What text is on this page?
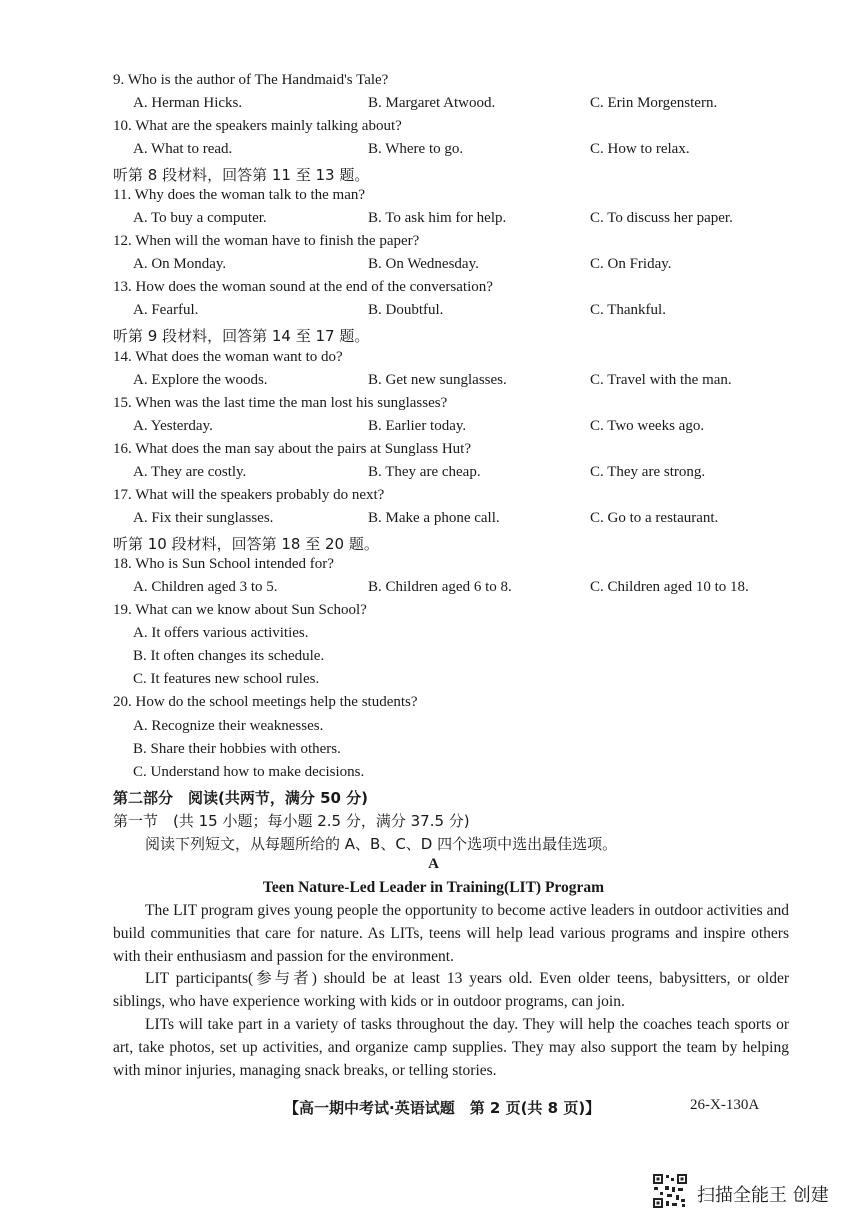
9. Who is the author of The Handmaid's Tale?
A. Herman Hicks.	B. Margaret Atwood.	C. Erin Morgenstern.
10. What are the speakers mainly talking about?
A. What to read.	B. Where to go.	C. How to relax.
听第 8 段材料，回答第 11 至 13 题。
11. Why does the woman talk to the man?
A. To buy a computer.	B. To ask him for help.	C. To discuss her paper.
12. When will the woman have to finish the paper?
A. On Monday.	B. On Wednesday.	C. On Friday.
13. How does the woman sound at the end of the conversation?
A. Fearful.	B. Doubtful.	C. Thankful.
听第 9 段材料，回答第 14 至 17 题。
14. What does the woman want to do?
A. Explore the woods.	B. Get new sunglasses.	C. Travel with the man.
15. When was the last time the man lost his sunglasses?
A. Yesterday.	B. Earlier today.	C. Two weeks ago.
16. What does the man say about the pairs at Sunglass Hut?
A. They are costly.	B. They are cheap.	C. They are strong.
17. What will the speakers probably do next?
A. Fix their sunglasses.	B. Make a phone call.	C. Go to a restaurant.
听第 10 段材料，回答第 18 至 20 题。
18. Who is Sun School intended for?
A. Children aged 3 to 5.	B. Children aged 6 to 8.	C. Children aged 10 to 18.
19. What can we know about Sun School?
A. It offers various activities.
B. It often changes its schedule.
C. It features new school rules.
20. How do the school meetings help the students?
A. Recognize their weaknesses.
B. Share their hobbies with others.
C. Understand how to make decisions.
第二部分　阅读(共两节，满分 50 分)
第一节　(共 15 小题；每小题 2.5 分，满分 37.5 分)
阅读下列短文，从每题所给的 A、B、C、D 四个选项中选出最佳选项。
A
Teen Nature-Led Leader in Training(LIT) Program
The LIT program gives young people the opportunity to become active leaders in outdoor activities and build communities that care for nature. As LITs, teens will help lead various programs and inspire others with their enthusiasm and passion for the environment.
LIT participants(参与者) should be at least 13 years old. Even older teens, babysitters, or older siblings, who have experience working with kids or in outdoor programs, can join.
LITs will take part in a variety of tasks throughout the day. They will help the coaches teach sports or art, take photos, set up activities, and organize camp supplies. They may also support the team by helping with minor injuries, managing snack breaks, or telling stories.
【高一期中考试·英语试题　第 2 页(共 8 页)】	26-X-130A
扫描全能王 创建
